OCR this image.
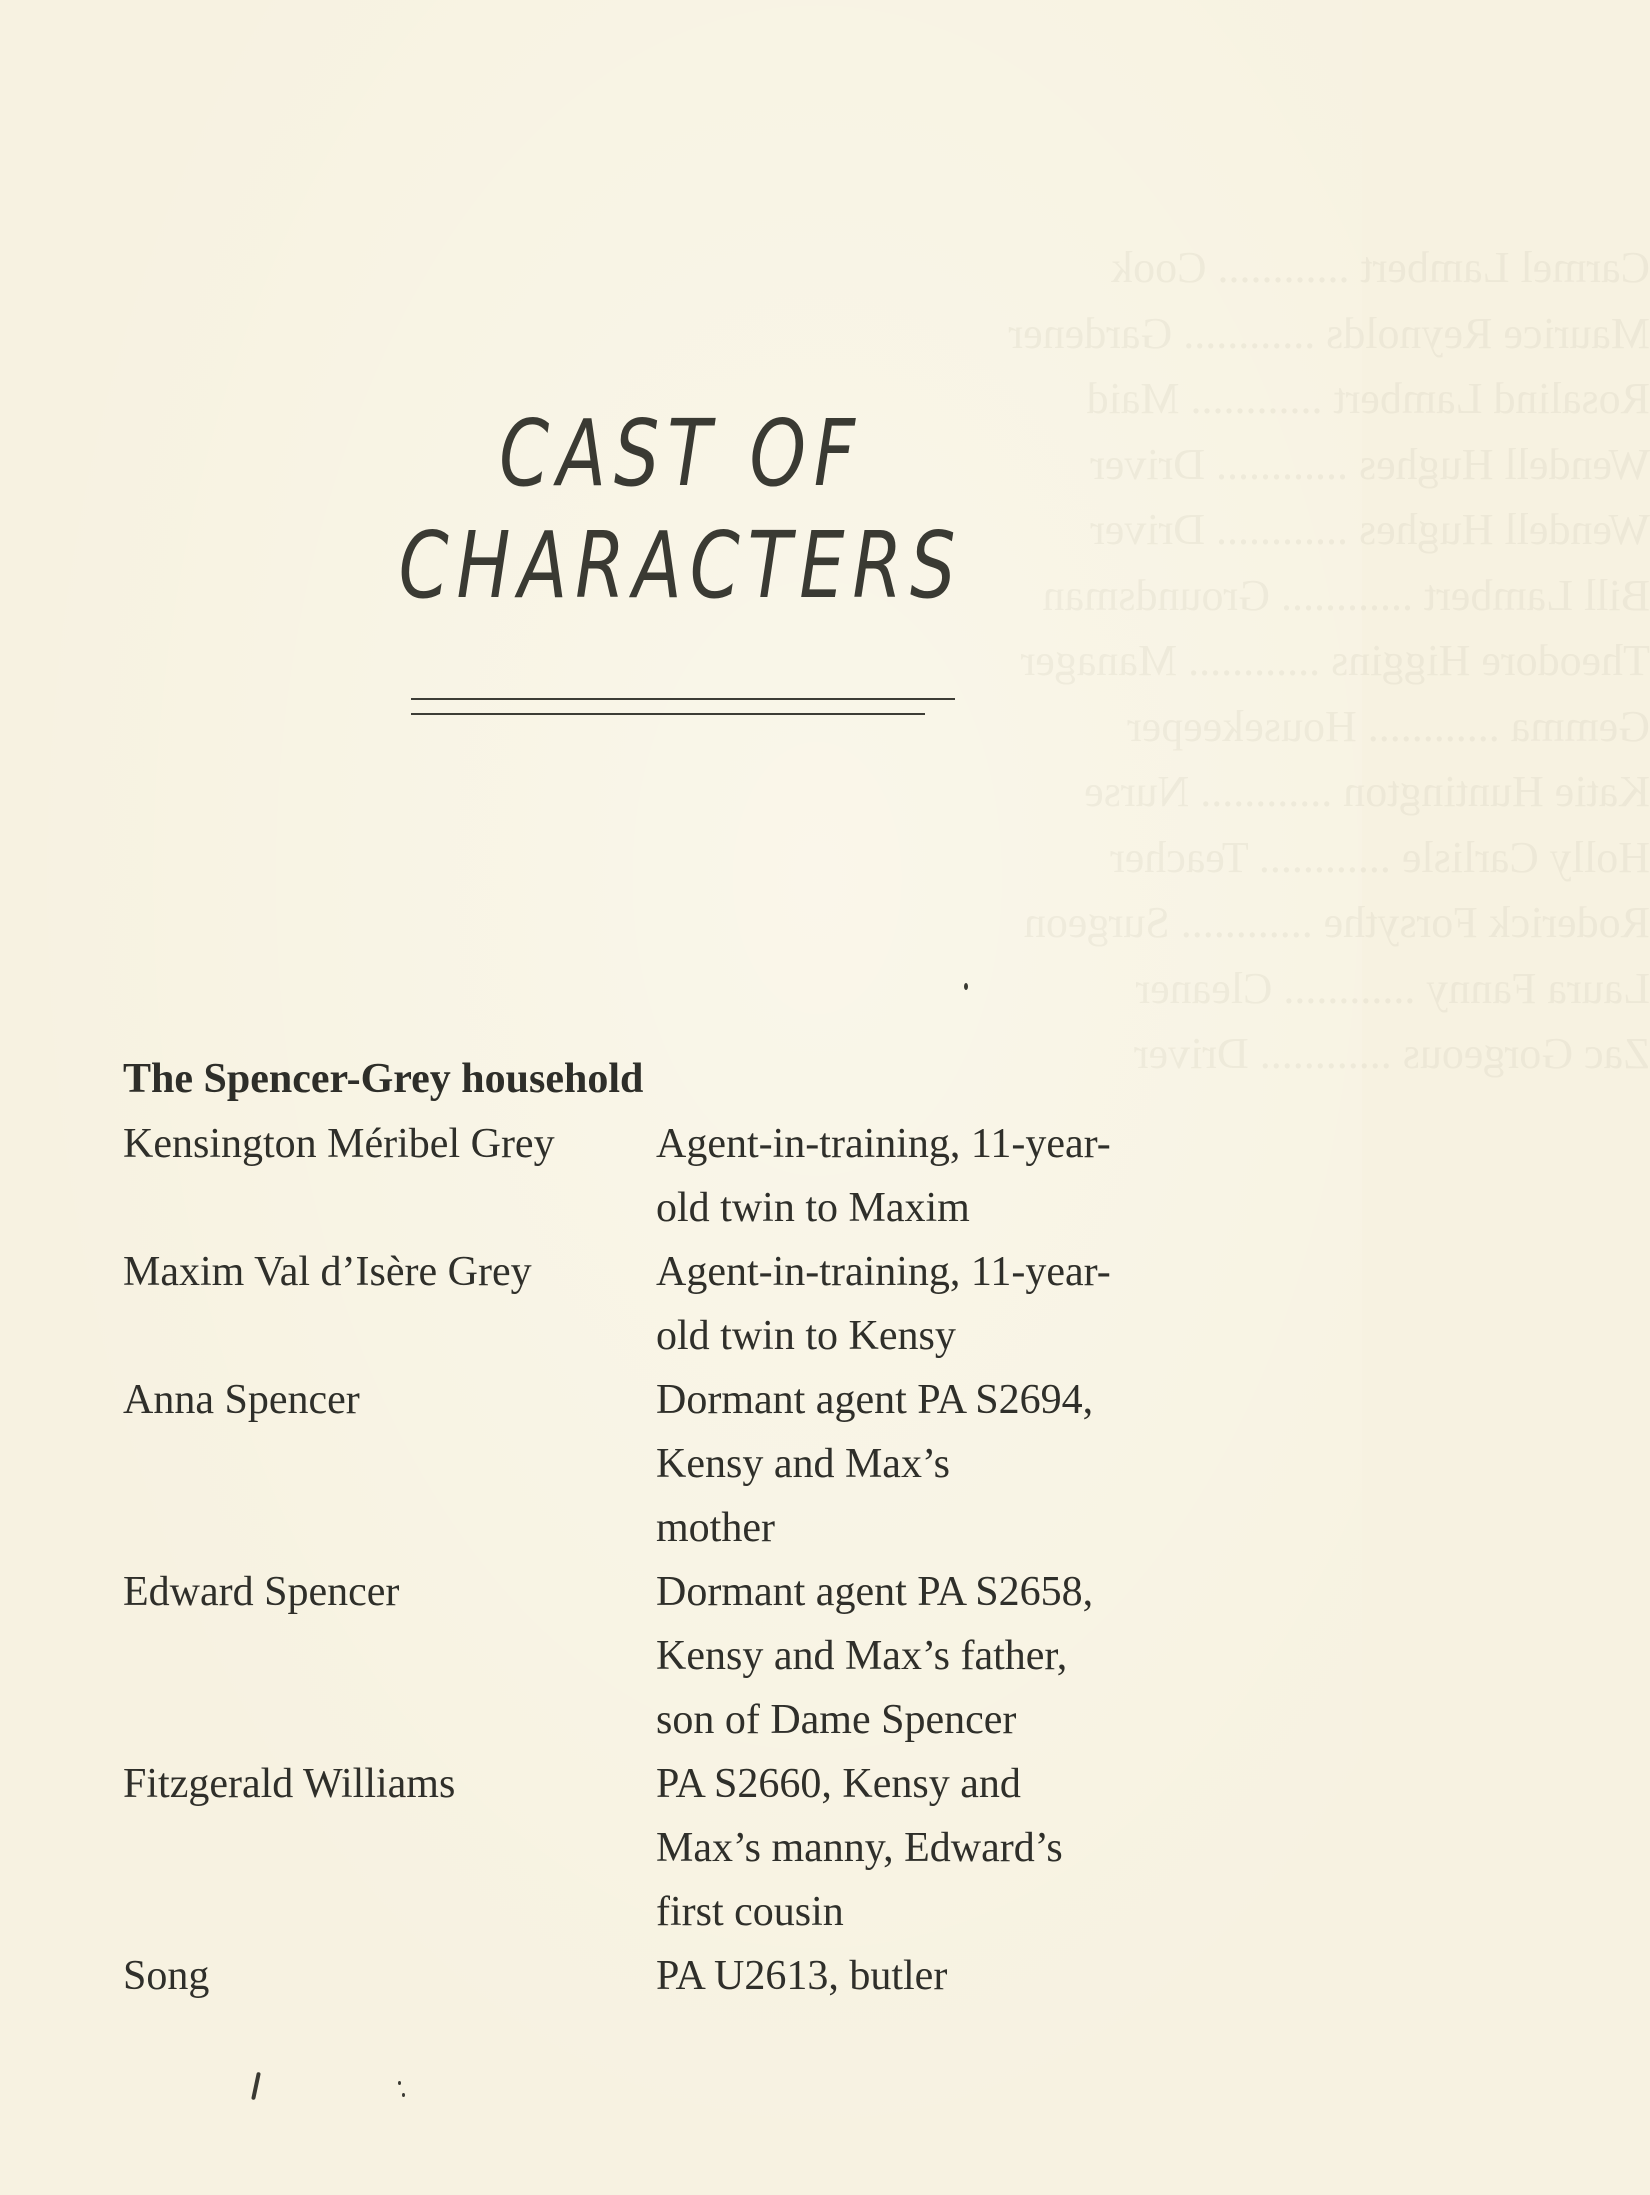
Carmel Lambert ............ Cook
Maurice Reynolds ............ Gardener
Rosalind Lambert ............ Maid
Wendell Hughes ............ Driver
Wendell Hughes ............ Driver
Bill Lambert ............ Groundsman
Theodore Higgins ............ Manager
Gemma ............ Housekeeper
Katie Huntington ............ Nurse
Holly Carlisle ............ Teacher
Roderick Forsythe ............ Surgeon
Laura Fanny ............ Cleaner
Zac Gorgeous ............ Driver
CAST OF
CHARACTERS
The Spencer-Grey household
Kensington Méribel Grey	Agent-in-training, 11-year-
old twin to Maxim
Maxim Val d’Isère Grey	Agent-in-training, 11-year-
old twin to Kensy
Anna Spencer	Dormant agent PA S2694,
Kensy and Max’s
mother
Edward Spencer	Dormant agent PA S2658,
Kensy and Max’s father,
son of Dame Spencer
Fitzgerald Williams	PA S2660, Kensy and
Max’s manny, Edward’s
first cousin
Song	PA U2613, butler
